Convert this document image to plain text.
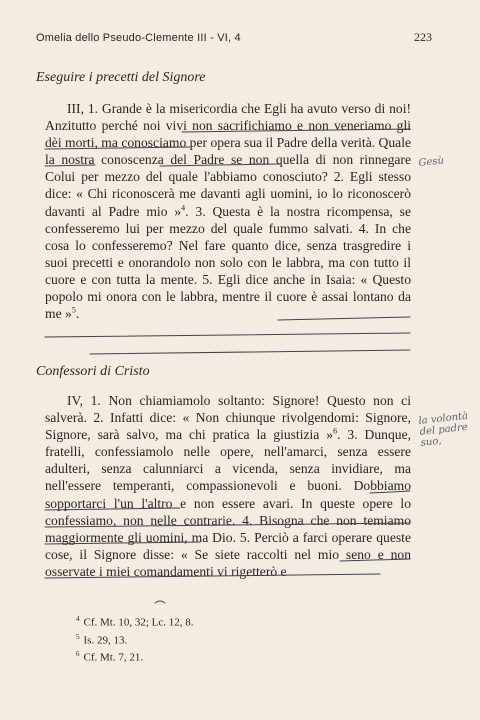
Omelia dello Pseudo-Clemente III - VI, 4	223
Eseguire i precetti del Signore

III, 1. Grande è la misericordia che Egli ha avuto verso di noi! Anzitutto perché noi vivi non sacrifichiamo e non veneriamo gli dèi morti, ma conosciamo per opera sua il Padre della verità. Quale la nostra conoscenza del Padre se non quella di non rinnegare Colui per mezzo del quale l'abbiamo conosciuto? 2. Egli stesso dice: « Chi riconoscerà me davanti agli uomini, io lo riconoscerò davanti al Padre mio »$^4$. 3. Questa è la nostra ricompensa, se confesseremo lui per mezzo del quale fummo salvati. 4. In che cosa lo confesseremo? Nel fare quanto dice, senza trasgredire i suoi precetti e onorandolo non solo con le labbra, ma con tutto il cuore e con tutta la mente. 5. Egli dice anche in Isaia: « Questo popolo mi onora con le labbra, mentre il cuore è assai lontano da me »$^5$.

Confessori di Cristo

IV, 1. Non chiamiamolo soltanto: Signore! Questo non ci salverà. 2. Infatti dice: « Non chiunque rivolgendomi: Signore, Signore, sarà salvo, ma chi pratica la giustizia »$^6$. 3. Dunque, fratelli, confessiamolo nelle opere, nell'amarci, senza essere adulteri, senza calunniarci a vicenda, senza invidiare, ma nell'essere temperanti, compassionevoli e buoni. Dobbiamo sopportarci l'un l'altro e non essere avari. In queste opere lo confessiamo, non nelle contrarie. 4. Bisogna che non temiamo maggiormente gli uomini, ma Dio. 5. Perciò a farci operare queste cose, il Signore disse: « Se siete raccolti nel mio seno e non osservate i miei comandamenti vi rigetterò e

$^4$ Cf. Mt. 10, 32; Lc. 12, 8.
$^5$ Is. 29, 13.
$^6$ Cf. Mt. 7, 21.
Gesù
la volontà del padre suo,
